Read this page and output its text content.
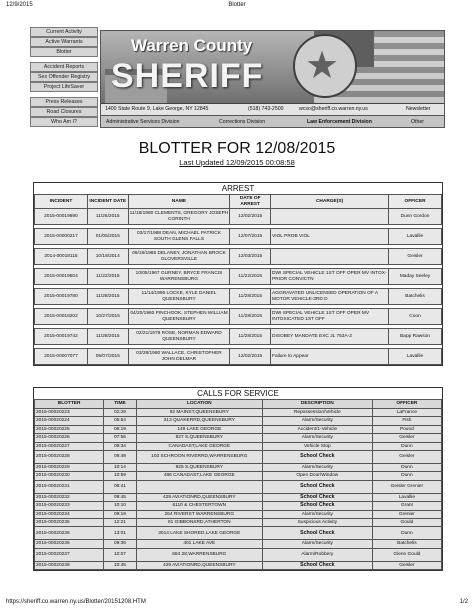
12/9/2015	Blotter
Current Activity
Active Warrants
Blotter
Accident Reports
Sex Offender Registry
Project LifeSaver
Press Releases
Road Closures
Who Am I?
★
Warren County
SHERIFF
1400 State Route 9, Lake George, NY 12845	(518) 743-2500	wcso@sheriff.co.warren.ny.us	Newsletter
Administrative Services Division	Corrections Division	Law Enforcement Division	Other
BLOTTER FOR 12/08/2015
Last Updated 12/09/2015 00:08:58
ARREST
INCIDENT	INCIDENT DATE	NAME	DATE OF ARREST	CHARGE(S)	OFFICER
2015-00019690	11/26/2015	11/18/1980 CLEMENTS, GREGORY JOSEPH CORINTH	12/02/2015		Dunn Gordon

2015-00000217	01/05/2015	03/17/1988 DEAN, MICHAEL PATRICK SOUTH GLENS FALLS	12/07/2015	VIOL PROB VIOL	Lavallie

2014-00018115	10/18/2014	09/18/1985 DELANEY, JONATHAN BROCK GLOVERSVILLE	12/03/2015		Geisler

2015-00019504	11/22/2015	10/05/1967 GURNEY, BRYCE FRANCIS WARRENSBURG	11/22/2015	DWI SPECIAL VEHICLE 1ST OFF OPER MV INTOX-PRIOR CONVICTN	Maday Seeley

2015-00019780	11/28/2015	11/14/1995 LOCKE, KYLE DANIEL QUEENSBURY	11/28/2015	AGGRAVATED UNLICENSED OPERATION OF A MOTOR VEHICLE-3RD D	Batchelis

2015-00018202	10/27/2015	04/20/1960 PINCHOOK, STEPHEN WILLIAM QUEENSBURY	11/28/2015	DWI SPECIAL VEHICLE 1ST OFF OPER MV INTOXICATED 1ST OFF	Coon

2015-00019742	11/28/2015	02/21/1979 ROSE, NORMAN EDWARD QUEENSBURY	11/28/2015	DISOBEY MANDATE EXC JL 753A-2	Bapp Rawson

2015-00007077	05/07/2015	03/28/1980 WALLACE, CHRISTOPHER JOHN DELMAR	12/02/2015	Failure to Appear	Lavallie
CALLS FOR SERVICE
BLOTTER	TIME	LOCATION	DESCRIPTION	OFFICER
2015-00020223	02:29	92 MAINST,QUEENSBURY	Repossession/Vehicle	LaFrance
2015-00020224	05:54	313 QUAKERRD,QUEENSBURY	Alarm/Security	Fish
2015-00020225	06:19	149 LAKE GEORGE	Accident/1-Vehicle	Pound
2015-00020226	07:56	827 S,QUEENSBURY	Alarm/Security	Geisler
2015-00020227	09:34	CANADAST,LAKE GEORGE	Vehicle Stop	Dunn
2015-00020228	09:49	103 SCHROON RIVERRD,WARRENSBURG	School Check	Geisler
2015-00020229	10:14	925 S,QUEENSBURY	Alarm/Security	Dunn
2015-00020230	10:59	486 CANADAST,LAKE GEORGE	Open Door/Window	Dunn
2015-00020231	08:41		School Check	Geisler Grenier
2015-00020232	09:45	429 AVIATIONRD,QUEENSBURY	School Check	Lavallie
2015-00020233	10:10	6110 & CHESTERTOWN	School Check	Grant
2015-00020234	09:19	264 RIVERST WARRENSBURG	Alarm/Security	Grenier
2015-00020235	12:21	61 GIBBONSRD,ATHERTON	Suspicious Activity	Gould
2015-00020236	13:01	3014 LAKE SHORED,LAKE GEORGE	School Check	Dunn
2015-00020236	09:36	401 LAKE AVE	Alarm/Security	Batchelis
2015-00020237	10:07	684 28,WARRENSBURG	Alarm/Robbery	Glenn Gould
2015-00020238	10:45	429 AVIATIONRD,QUEENSBURY	School Check	Geisler
https://sheriff.co.warren.ny.us/Blotter/20151208.HTM	1/2
